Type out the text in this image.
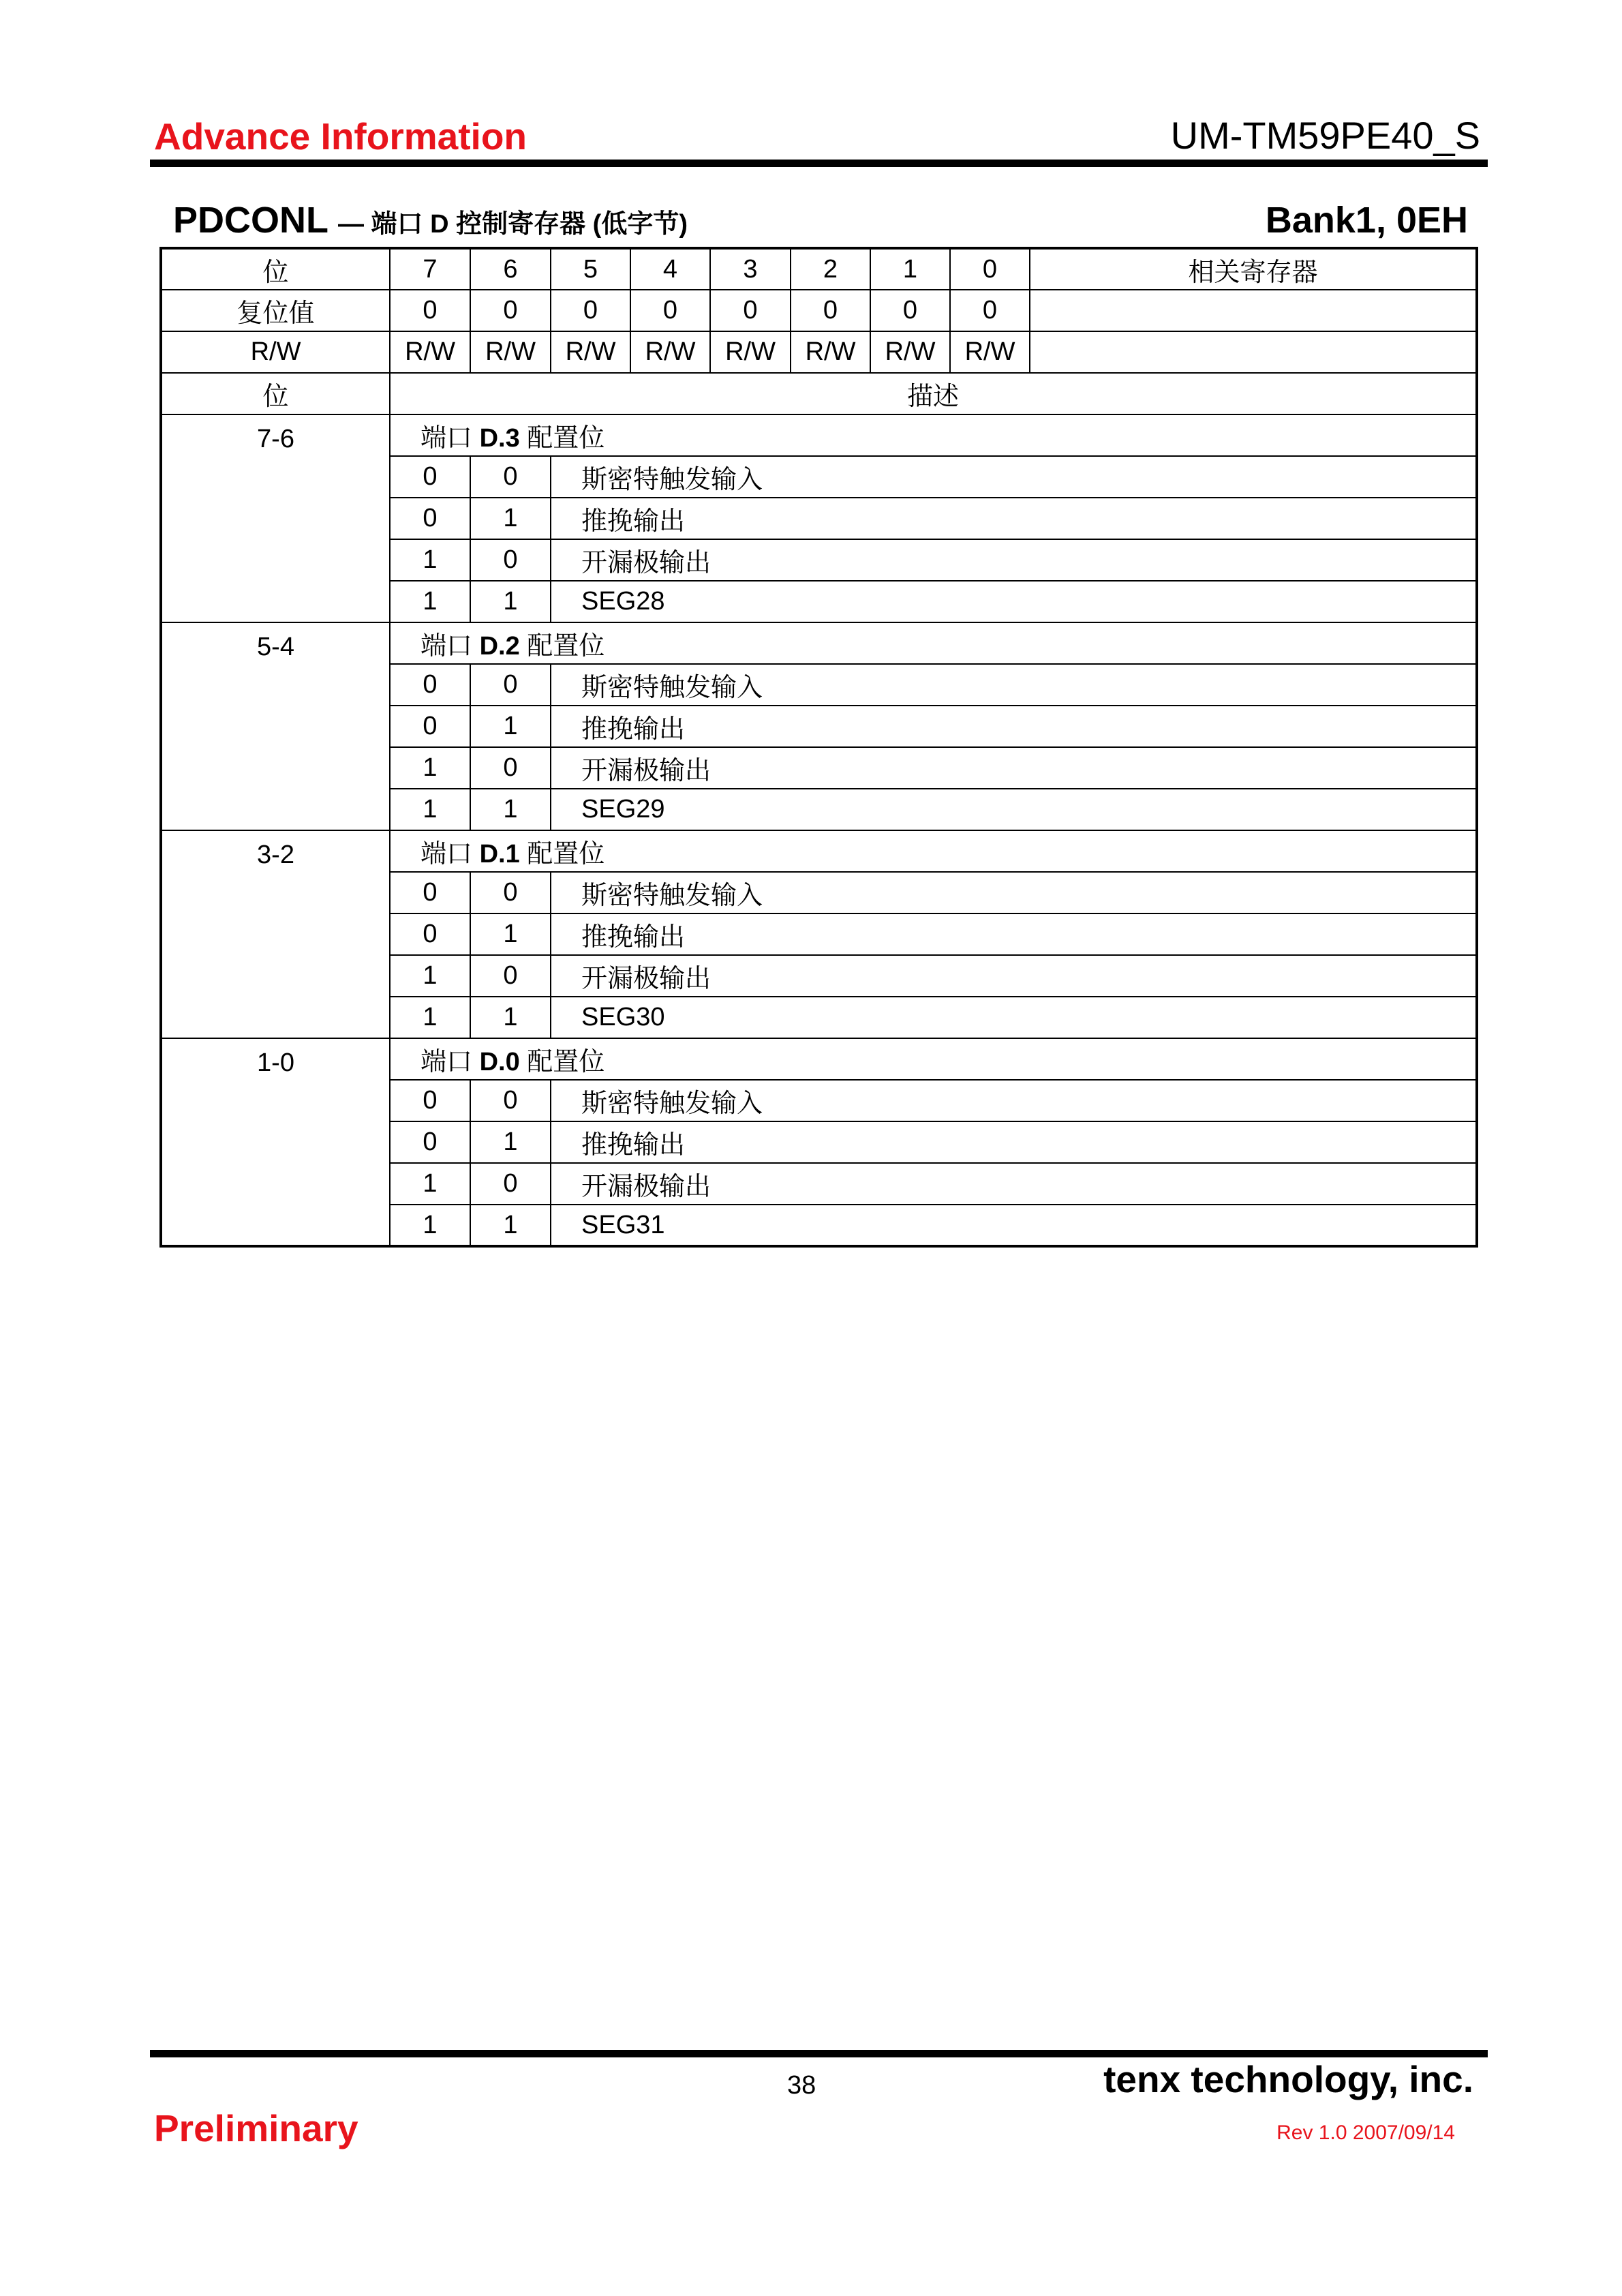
Advance Information	UM-TM59PE40_S
PDCONL — 端口 D 控制寄存器 (低字节)	Bank1, 0EH
位	7	6	5	4	3	2	1	0	相关寄存器
复位值	0	0	0	0	0	0	0	0	
R/W	R/W	R/W	R/W	R/W	R/W	R/W	R/W	R/W	
位	描述								
7-6	端口 D.3 配置位								
	0	0	斯密特触发输入						
	0	1	推挽输出						
	1	0	开漏极输出						
	1	1	SEG28						
5-4	端口 D.2 配置位								
	0	0	斯密特触发输入						
	0	1	推挽输出						
	1	0	开漏极输出						
	1	1	SEG29						
3-2	端口 D.1 配置位								
	0	0	斯密特触发输入						
	0	1	推挽输出						
	1	0	开漏极输出						
	1	1	SEG30						
1-0	端口 D.0 配置位								
	0	0	斯密特触发输入						
	0	1	推挽输出						
	1	0	开漏极输出						
	1	1	SEG31						
38	tenx technology, inc.
Preliminary	Rev 1.0 2007/09/14
